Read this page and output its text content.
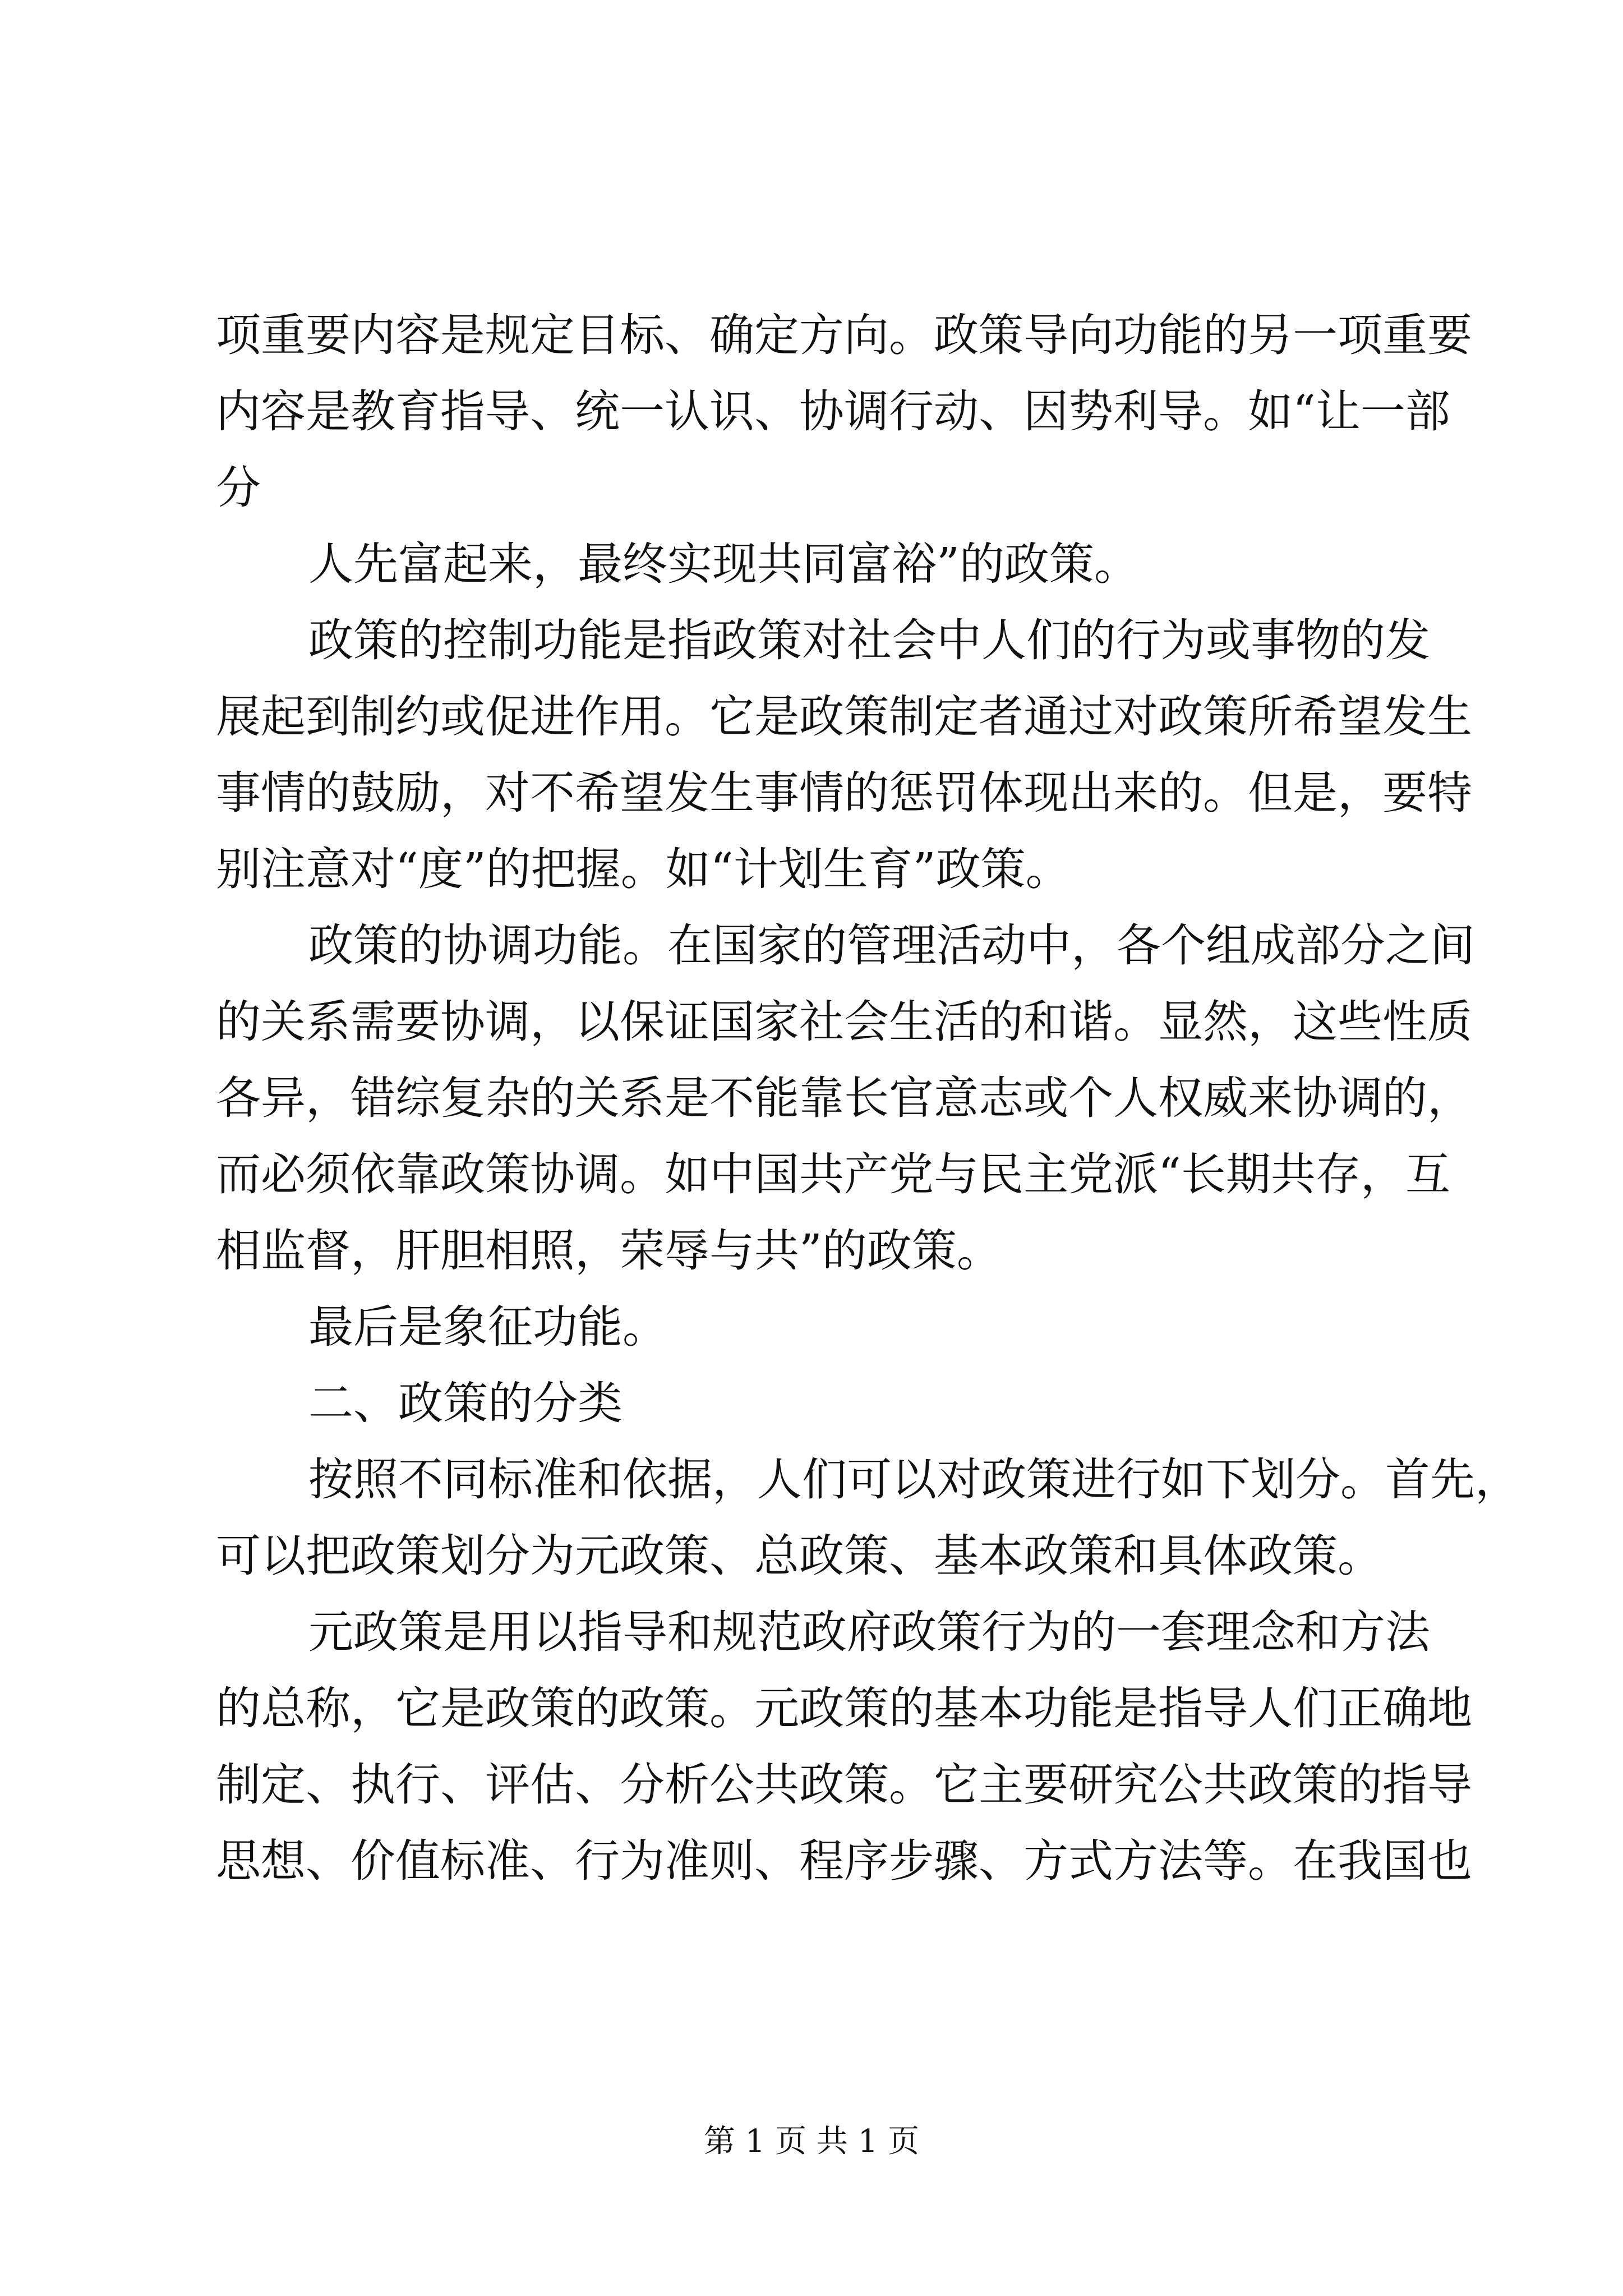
项重要内容是规定目标、确定方向。政策导向功能的另一项重要
内容是教育指导、统一认识、协调行动、因势利导。如“让一部
分
人先富起来，最终实现共同富裕”的政策。
政策的控制功能是指政策对社会中人们的行为或事物的发
展起到制约或促进作用。它是政策制定者通过对政策所希望发生
事情的鼓励，对不希望发生事情的惩罚体现出来的。但是，要特
别注意对“度”的把握。如“计划生育”政策。
政策的协调功能。在国家的管理活动中，各个组成部分之间
的关系需要协调，以保证国家社会生活的和谐。显然，这些性质
各异，错综复杂的关系是不能靠长官意志或个人权威来协调的，
而必须依靠政策协调。如中国共产党与民主党派“长期共存，互
相监督，肝胆相照，荣辱与共”的政策。
最后是象征功能。
二、政策的分类
按照不同标准和依据，人们可以对政策进行如下划分。首先，
可以把政策划分为元政策、总政策、基本政策和具体政策。
元政策是用以指导和规范政府政策行为的一套理念和方法
的总称，它是政策的政策。元政策的基本功能是指导人们正确地
制定、执行、评估、分析公共政策。它主要研究公共政策的指导
思想、价值标准、行为准则、程序步骤、方式方法等。在我国也
第 1 页 共 1 页
